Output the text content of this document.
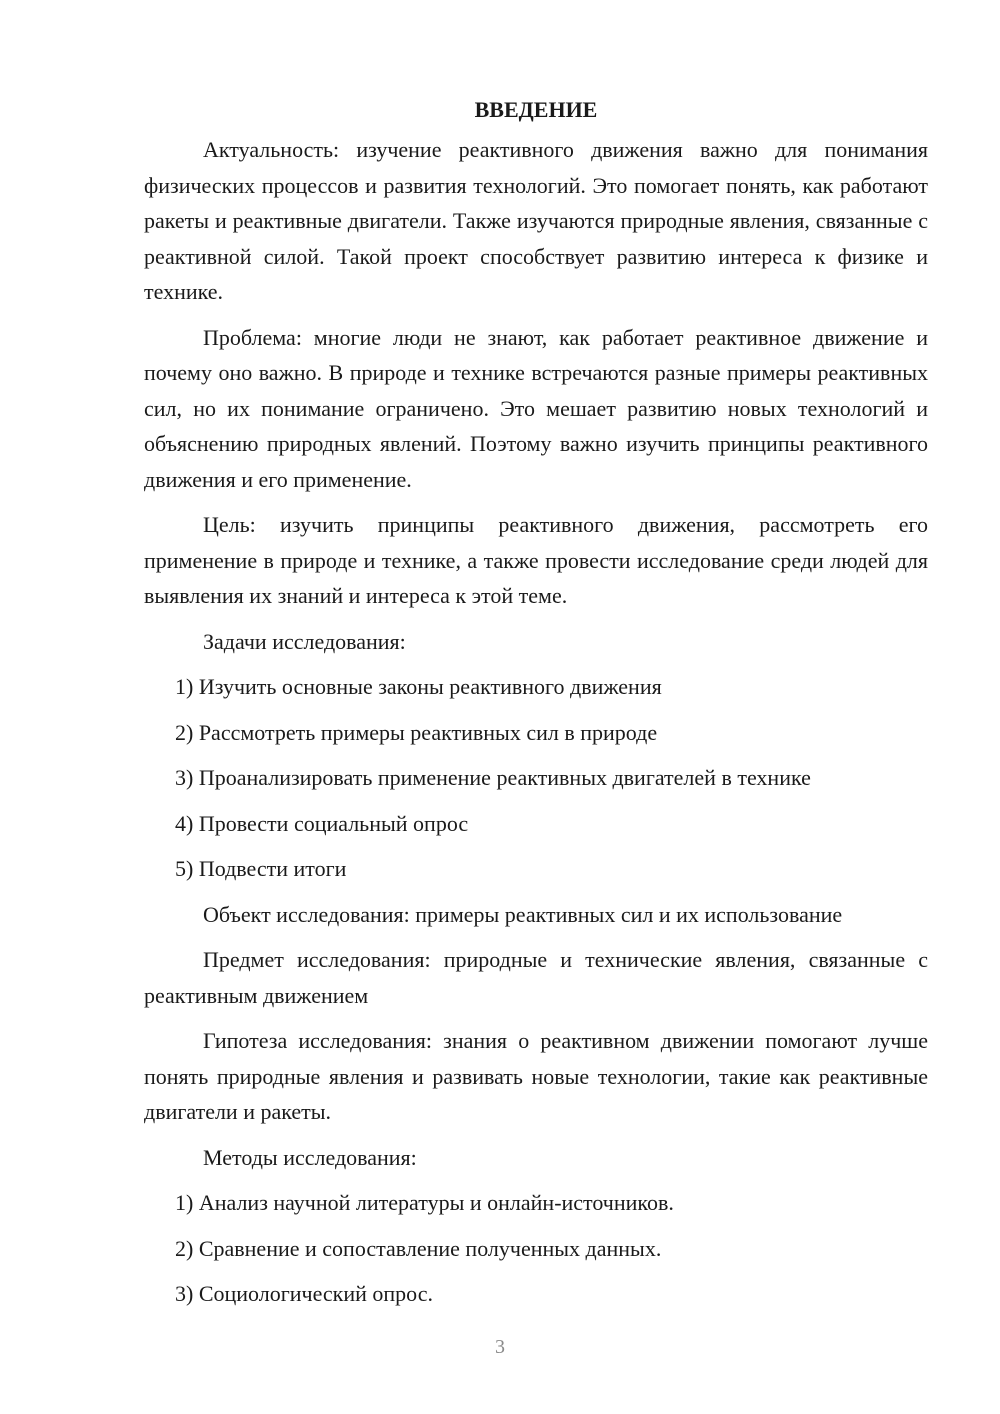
ВВЕДЕНИЕ

Актуальность: изучение реактивного движения важно для понимания физических процессов и развития технологий. Это помогает понять, как работают ракеты и реактивные двигатели. Также изучаются природные явления, связанные с реактивной силой. Такой проект способствует развитию интереса к физике и технике.

Проблема: многие люди не знают, как работает реактивное движение и почему оно важно. В природе и технике встречаются разные примеры реактивных сил, но их понимание ограничено. Это мешает развитию новых технологий и объяснению природных явлений. Поэтому важно изучить принципы реактивного движения и его применение.

Цель: изучить принципы реактивного движения, рассмотреть его применение в природе и технике, а также провести исследование среди людей для выявления их знаний и интереса к этой теме.

Задачи исследования:
1) Изучить основные законы реактивного движения
2) Рассмотреть примеры реактивных сил в природе
3) Проанализировать применение реактивных двигателей в технике
4) Провести социальный опрос
5) Подвести итоги
Объект исследования: примеры реактивных сил и их использование

Предмет исследования: природные и технические явления, связанные с реактивным движением

Гипотеза исследования: знания о реактивном движении помогают лучше понять природные явления и развивать новые технологии, такие как реактивные двигатели и ракеты.

Методы исследования:
1) Анализ научной литературы и онлайн-источников.
2) Сравнение и сопоставление полученных данных.
3) Социологический опрос.
3
